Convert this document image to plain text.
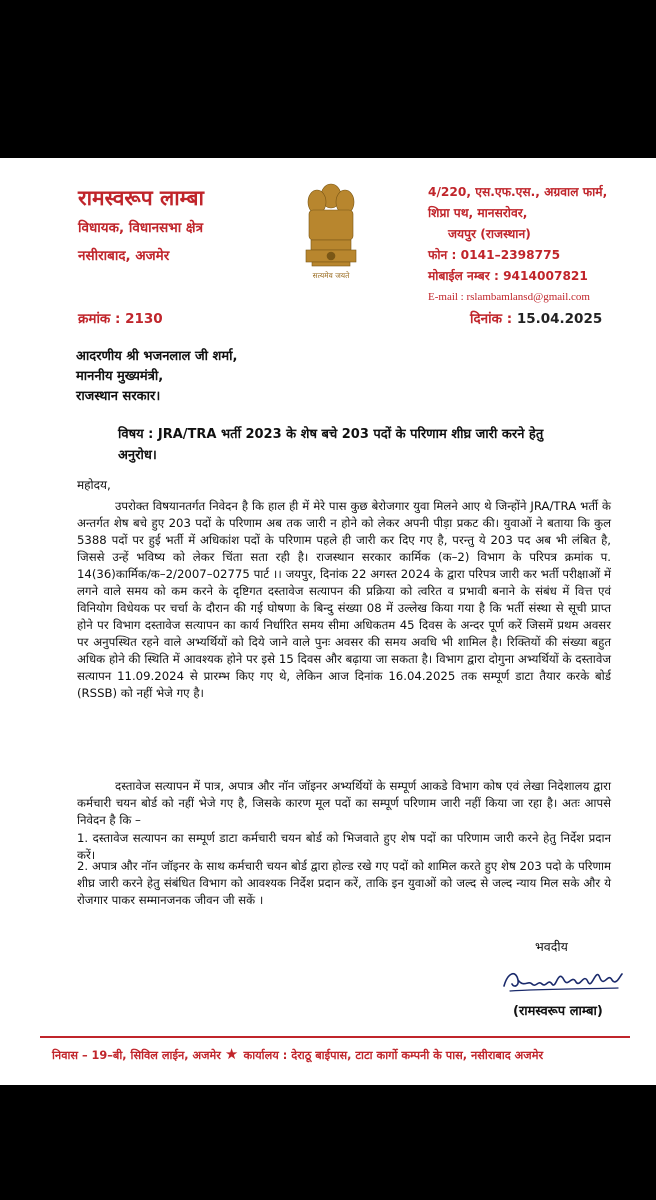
रामस्वरूप लाम्बा
विधायक, विधानसभा क्षेत्र
नसीराबाद, अजमेर
सत्यमेव जयते
4/220, एस.एफ.एस., अग्रवाल फार्म,
शिप्रा पथ, मानसरोवर,
जयपुर (राजस्थान)
फोन : 0141–2398775
मोबाईल नम्बर : 9414007821
E-mail : rslambamlansd@gmail.com
क्रमांक : 2130	दिनांक : 15.04.2025
आदरणीय श्री भजनलाल जी शर्मा,
माननीय मुख्यमंत्री,
राजस्थान सरकार।
विषय : JRA/TRA भर्ती 2023 के शेष बचे 203 पदों के परिणाम शीघ्र जारी करने हेतु अनुरोध।
महोदय,
उपरोक्त विषयानतर्गत निवेदन है कि हाल ही में मेरे पास कुछ बेरोजगार युवा मिलने आए थे जिन्होंने JRA/TRA भर्ती के अन्तर्गत शेष बचे हुए 203 पदों के परिणाम अब तक जारी न होने को लेकर अपनी पीड़ा प्रकट की। युवाओं ने बताया कि कुल 5388 पदों पर हुई भर्ती में अधिकांश पदों के परिणाम पहले ही जारी कर दिए गए है, परन्तु ये 203 पद अब भी लंबित है, जिससे उन्हें भविष्य को लेकर चिंता सता रही है। राजस्थान सरकार कार्मिक (क–2) विभाग के परिपत्र क्रमांक प. 14(36)कार्मिक/क–2/2007–02775 पार्ट ।। जयपुर, दिनांक 22 अगस्त 2024 के द्वारा परिपत्र जारी कर भर्ती परीक्षाओं में लगने वाले समय को कम करने के दृष्टिगत दस्तावेज सत्यापन की प्रक्रिया को त्वरित व प्रभावी बनाने के संबंध में वित्त एवं विनियोग विधेयक पर चर्चा के दौरान की गई घोषणा के बिन्दु संख्या 08 में उल्लेख किया गया है कि भर्ती संस्था से सूची प्राप्त होने पर विभाग दस्तावेज सत्यापन का कार्य निर्धारित समय सीमा अधिकतम 45 दिवस के अन्दर पूर्ण करें जिसमें प्रथम अवसर पर अनुपस्थित रहने वाले अभ्यर्थियों को दिये जाने वाले पुनः अवसर की समय अवधि भी शामिल है। रिक्तियों की संख्या बहुत अधिक होने की स्थिति में आवश्यक होने पर इसे 15 दिवस और बढ़ाया जा सकता है। विभाग द्वारा दोगुना अभ्यर्थियों के दस्तावेज सत्यापन 11.09.2024 से प्रारम्भ किए गए थे, लेकिन आज दिनांक 16.04.2025 तक सम्पूर्ण डाटा तैयार करके बोर्ड (RSSB) को नहीं भेजे गए है।
दस्तावेज सत्यापन में पात्र, अपात्र और नॉन जॉइनर अभ्यर्थियों के सम्पूर्ण आकडे विभाग कोष एवं लेखा निदेशालय द्वारा कर्मचारी चयन बोर्ड को नहीं भेजे गए है, जिसके कारण मूल पदों का सम्पूर्ण परिणाम जारी नहीं किया जा रहा है। अतः आपसे निवेदन है कि –
1. दस्तावेज सत्यापन का सम्पूर्ण डाटा कर्मचारी चयन बोर्ड को भिजवाते हुए शेष पदों का परिणाम जारी करने हेतु निर्देश प्रदान करें।
2. अपात्र और नॉन जॉइनर के साथ कर्मचारी चयन बोर्ड द्वारा होल्ड रखे गए पदों को शामिल करते हुए शेष 203 पदो के परिणाम शीघ्र जारी करने हेतु संबंधित विभाग को आवश्यक निर्देश प्रदान करें, ताकि इन युवाओं को जल्द से जल्द न्याय मिल सके और ये रोजगार पाकर सम्मानजनक जीवन जी सकें ।
भवदीय
(रामस्वरूप लाम्बा)
निवास – 19–बी, सिविल लाईन, अजमेर ★ कार्यालय : देराठू बाईपास, टाटा कार्गो कम्पनी के पास, नसीराबाद अजमेर
